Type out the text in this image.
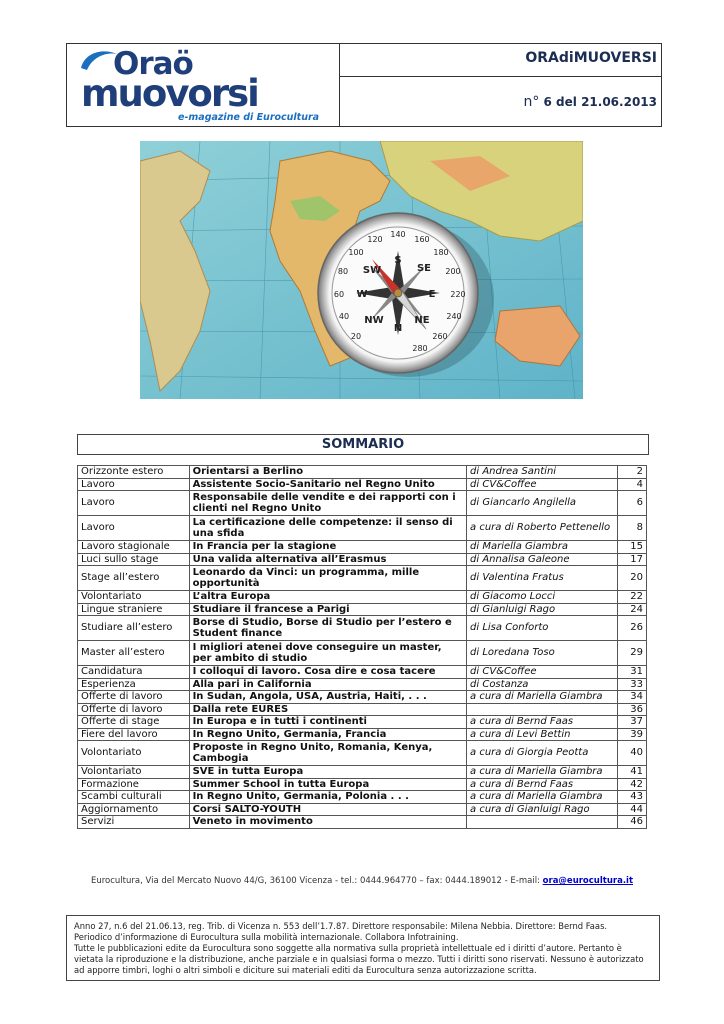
Oraö
muovorsi
e-magazine di Eurocultura
ORAdiMUOVERSI
n° 6 del 21.06.2013
140
160
180
200
220
240
260
280
120
100
80
60
40
20
S
SE
E
SW
W
NW
N
NE
SOMMARIO
Orizzonte estero	Orientarsi a Berlino	di Andrea Santini	2
Lavoro	Assistente Socio-Sanitario nel Regno Unito	di CV&Coffee	4
Lavoro	Responsabile delle vendite e dei rapporti con i clienti nel Regno Unito	di Giancarlo Angilella	6
Lavoro	La certificazione delle competenze: il senso di una sfida	a cura di Roberto Pettenello	8
Lavoro stagionale	In Francia per la stagione	di Mariella Giambra	15
Luci sullo stage	Una valida alternativa all’Erasmus	di Annalisa Galeone	17
Stage all’estero	Leonardo da Vinci: un programma, mille opportunità	di Valentina Fratus	20
Volontariato	L’altra Europa	di Giacomo Locci	22
Lingue straniere	Studiare il francese a Parigi	di Gianluigi Rago	24
Studiare all’estero	Borse di Studio, Borse di Studio per l’estero e Student finance	di Lisa Conforto	26
Master all’estero	I migliori atenei dove conseguire un master, per ambito di studio	di Loredana Toso	29
Candidatura	I colloqui di lavoro. Cosa dire e cosa tacere	di CV&Coffee	31
Esperienza	Alla pari in California	di Costanza	33
Offerte di lavoro	In Sudan, Angola, USA, Austria, Haiti, . . .	a cura di Mariella Giambra	34
Offerte di lavoro	Dalla rete EURES		36
Offerte di stage	In Europa e in tutti i continenti	a cura di Bernd Faas	37
Fiere del lavoro	In Regno Unito, Germania, Francia	a cura di Levi Bettin	39
Volontariato	Proposte in Regno Unito, Romania, Kenya, Cambogia	a cura di Giorgia Peotta	40
Volontariato	SVE in tutta Europa	a cura di Mariella Giambra	41
Formazione	Summer School in tutta Europa	a cura di Bernd Faas	42
Scambi culturali	In Regno Unito, Germania, Polonia . . .	a cura di Mariella Giambra	43
Aggiornamento	Corsi SALTO-YOUTH	a cura di Gianluigi Rago	44
Servizi	Veneto in movimento		46
Eurocultura, Via del Mercato Nuovo 44/G, 36100 Vicenza - tel.: 0444.964770 – fax: 0444.189012 - E-mail: ora@eurocultura.it
Anno 27, n.6 del 21.06.13, reg. Trib. di Vicenza n. 553 dell’1.7.87. Direttore responsabile: Milena Nebbia. Direttore: Bernd Faas.
Periodico d’informazione di Eurocultura sulla mobilità internazionale. Collabora Infotraining.
Tutte le pubblicazioni edite da Eurocultura sono soggette alla normativa sulla proprietà intellettuale ed i diritti d’autore. Pertanto è vietata la riproduzione e la distribuzione, anche parziale e in qualsiasi forma o mezzo. Tutti i diritti sono riservati. Nessuno è autorizzato ad apporre timbri, loghi o altri simboli e diciture sui materiali editi da Eurocultura senza autorizzazione scritta.
